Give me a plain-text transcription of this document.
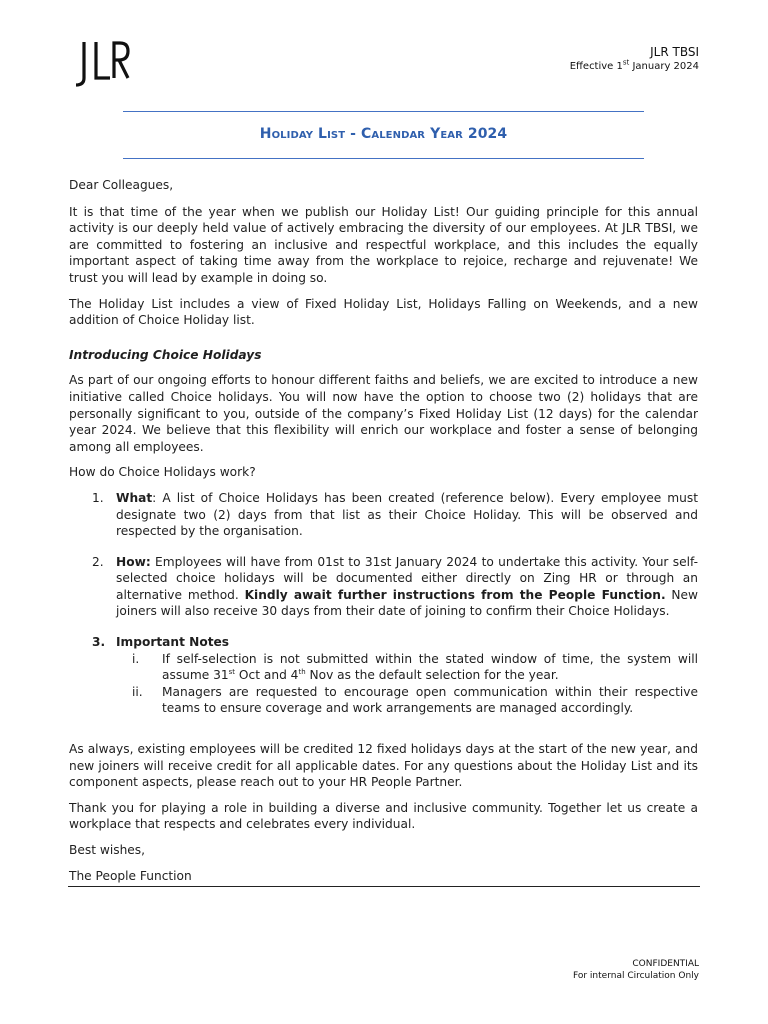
JLR TBSI
Effective 1st January 2024
Holiday List - Calendar Year 2024

Dear Colleagues,

It is that time of the year when we publish our Holiday List! Our guiding principle for this annual activity is our deeply held value of actively embracing the diversity of our employees. At JLR TBSI, we are committed to fostering an inclusive and respectful workplace, and this includes the equally important aspect of taking time away from the workplace to rejoice, recharge and rejuvenate! We trust you will lead by example in doing so.

The Holiday List includes a view of Fixed Holiday List, Holidays Falling on Weekends, and a new addition of Choice Holiday list.

Introducing Choice Holidays

As part of our ongoing efforts to honour different faiths and beliefs, we are excited to introduce a new initiative called Choice holidays. You will now have the option to choose two (2) holidays that are personally significant to you, outside of the company’s Fixed Holiday List (12 days) for the calendar year 2024. We believe that this flexibility will enrich our workplace and foster a sense of belonging among all employees.

How do Choice Holidays work?

1. What: A list of Choice Holidays has been created (reference below). Every employee must designate two (2) days from that list as their Choice Holiday. This will be observed and respected by the organisation.
2. How: Employees will have from 01st to 31st January 2024 to undertake this activity. Your self-selected choice holidays will be documented either directly on Zing HR or through an alternative method. Kindly await further instructions from the People Function. New joiners will also receive 30 days from their date of joining to confirm their Choice Holidays.
3. Important Notes
i. If self-selection is not submitted within the stated window of time, the system will assume 31st Oct and 4th Nov as the default selection for the year.
ii. Managers are requested to encourage open communication within their respective teams to ensure coverage and work arrangements are managed accordingly.

As always, existing employees will be credited 12 fixed holidays days at the start of the new year, and new joiners will receive credit for all applicable dates. For any questions about the Holiday List and its component aspects, please reach out to your HR People Partner.

Thank you for playing a role in building a diverse and inclusive community. Together let us create a workplace that respects and celebrates every individual.

Best wishes,

The People Function

CONFIDENTIAL
For internal Circulation Only
